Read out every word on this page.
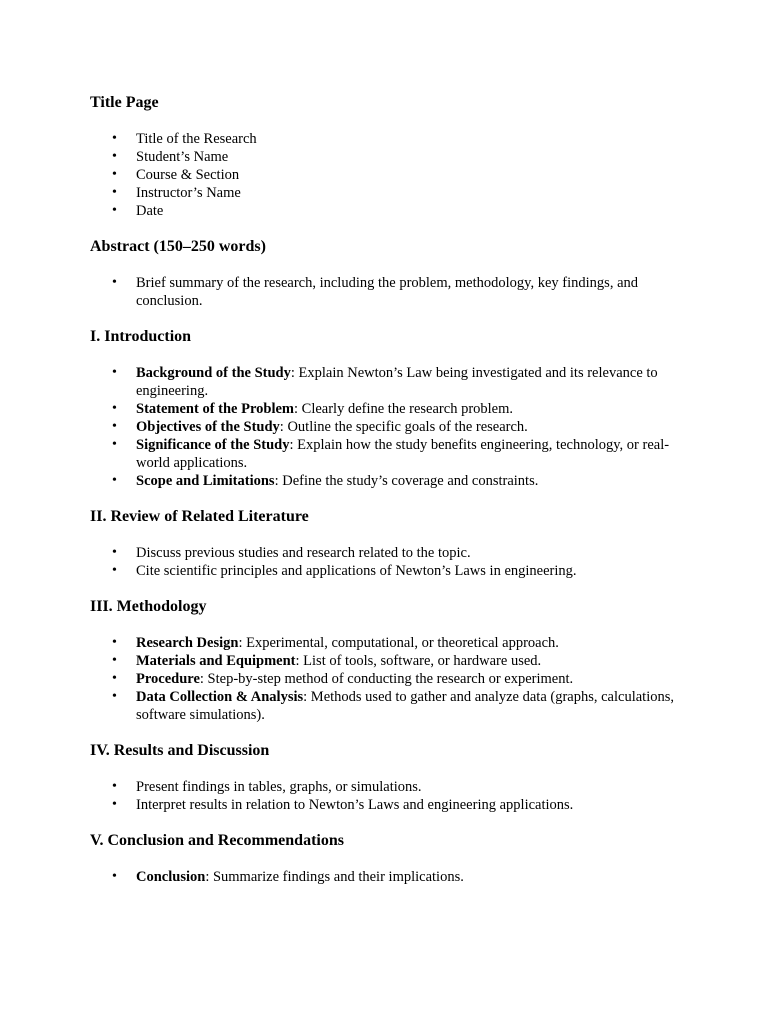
Title Page
•	Title of the Research
•	Student’s Name
•	Course & Section
•	Instructor’s Name
•	Date
Abstract (150–250 words)
•	Brief summary of the research, including the problem, methodology, key findings, and conclusion.
I. Introduction
•	Background of the Study: Explain Newton’s Law being investigated and its relevance to engineering.
•	Statement of the Problem: Clearly define the research problem.
•	Objectives of the Study: Outline the specific goals of the research.
•	Significance of the Study: Explain how the study benefits engineering, technology, or real-world applications.
•	Scope and Limitations: Define the study’s coverage and constraints.
II. Review of Related Literature
•	Discuss previous studies and research related to the topic.
•	Cite scientific principles and applications of Newton’s Laws in engineering.
III. Methodology
•	Research Design: Experimental, computational, or theoretical approach.
•	Materials and Equipment: List of tools, software, or hardware used.
•	Procedure: Step-by-step method of conducting the research or experiment.
•	Data Collection & Analysis: Methods used to gather and analyze data (graphs, calculations, software simulations).
IV. Results and Discussion
•	Present findings in tables, graphs, or simulations.
•	Interpret results in relation to Newton’s Laws and engineering applications.
V. Conclusion and Recommendations
•	Conclusion: Summarize findings and their implications.
